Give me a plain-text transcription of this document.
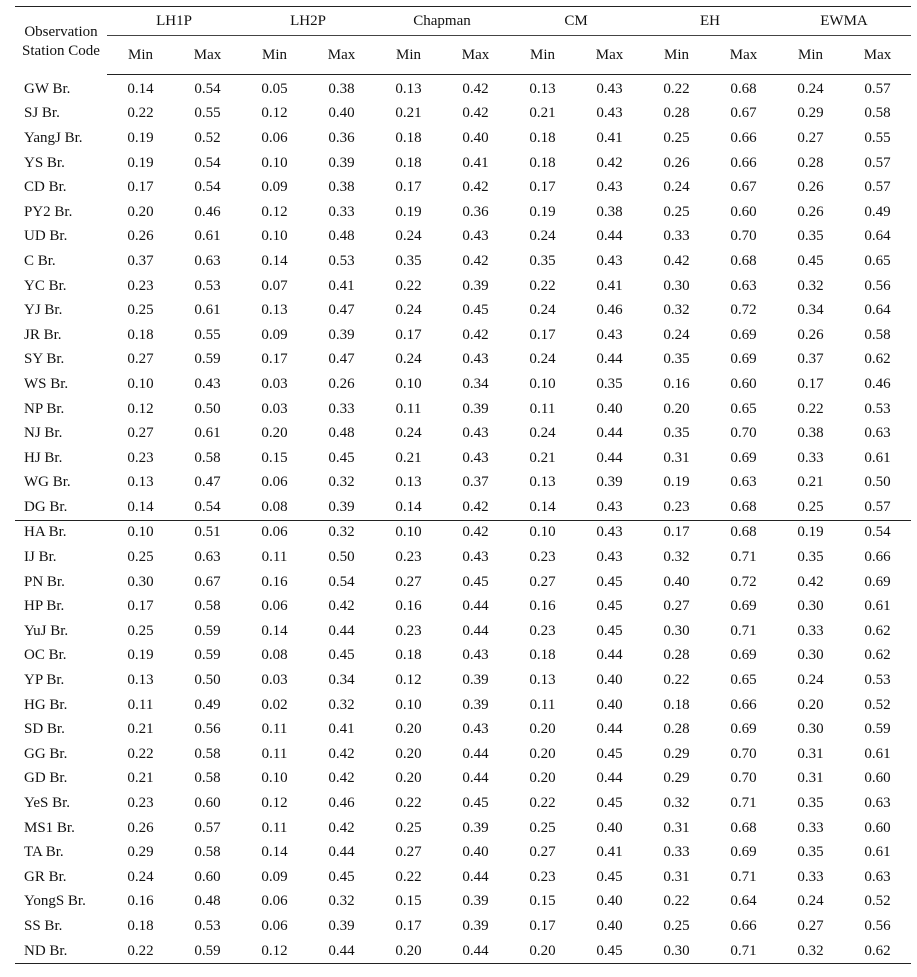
Observation Station Code	LH1P		LH2P		Chapman		CM		EH		EWMA	
	Min	Max	Min	Max	Min	Max	Min	Max	Min	Max	Min	Max
GW Br.	0.14	0.54	0.05	0.38	0.13	0.42	0.13	0.43	0.22	0.68	0.24	0.57
SJ Br.	0.22	0.55	0.12	0.40	0.21	0.42	0.21	0.43	0.28	0.67	0.29	0.58
YangJ Br.	0.19	0.52	0.06	0.36	0.18	0.40	0.18	0.41	0.25	0.66	0.27	0.55
YS Br.	0.19	0.54	0.10	0.39	0.18	0.41	0.18	0.42	0.26	0.66	0.28	0.57
CD Br.	0.17	0.54	0.09	0.38	0.17	0.42	0.17	0.43	0.24	0.67	0.26	0.57
PY2 Br.	0.20	0.46	0.12	0.33	0.19	0.36	0.19	0.38	0.25	0.60	0.26	0.49
UD Br.	0.26	0.61	0.10	0.48	0.24	0.43	0.24	0.44	0.33	0.70	0.35	0.64
C Br.	0.37	0.63	0.14	0.53	0.35	0.42	0.35	0.43	0.42	0.68	0.45	0.65
YC Br.	0.23	0.53	0.07	0.41	0.22	0.39	0.22	0.41	0.30	0.63	0.32	0.56
YJ Br.	0.25	0.61	0.13	0.47	0.24	0.45	0.24	0.46	0.32	0.72	0.34	0.64
JR Br.	0.18	0.55	0.09	0.39	0.17	0.42	0.17	0.43	0.24	0.69	0.26	0.58
SY Br.	0.27	0.59	0.17	0.47	0.24	0.43	0.24	0.44	0.35	0.69	0.37	0.62
WS Br.	0.10	0.43	0.03	0.26	0.10	0.34	0.10	0.35	0.16	0.60	0.17	0.46
NP Br.	0.12	0.50	0.03	0.33	0.11	0.39	0.11	0.40	0.20	0.65	0.22	0.53
NJ Br.	0.27	0.61	0.20	0.48	0.24	0.43	0.24	0.44	0.35	0.70	0.38	0.63
HJ Br.	0.23	0.58	0.15	0.45	0.21	0.43	0.21	0.44	0.31	0.69	0.33	0.61
WG Br.	0.13	0.47	0.06	0.32	0.13	0.37	0.13	0.39	0.19	0.63	0.21	0.50
DG Br.	0.14	0.54	0.08	0.39	0.14	0.42	0.14	0.43	0.23	0.68	0.25	0.57
HA Br.	0.10	0.51	0.06	0.32	0.10	0.42	0.10	0.43	0.17	0.68	0.19	0.54
IJ Br.	0.25	0.63	0.11	0.50	0.23	0.43	0.23	0.43	0.32	0.71	0.35	0.66
PN Br.	0.30	0.67	0.16	0.54	0.27	0.45	0.27	0.45	0.40	0.72	0.42	0.69
HP Br.	0.17	0.58	0.06	0.42	0.16	0.44	0.16	0.45	0.27	0.69	0.30	0.61
YuJ Br.	0.25	0.59	0.14	0.44	0.23	0.44	0.23	0.45	0.30	0.71	0.33	0.62
OC Br.	0.19	0.59	0.08	0.45	0.18	0.43	0.18	0.44	0.28	0.69	0.30	0.62
YP Br.	0.13	0.50	0.03	0.34	0.12	0.39	0.13	0.40	0.22	0.65	0.24	0.53
HG Br.	0.11	0.49	0.02	0.32	0.10	0.39	0.11	0.40	0.18	0.66	0.20	0.52
SD Br.	0.21	0.56	0.11	0.41	0.20	0.43	0.20	0.44	0.28	0.69	0.30	0.59
GG Br.	0.22	0.58	0.11	0.42	0.20	0.44	0.20	0.45	0.29	0.70	0.31	0.61
GD Br.	0.21	0.58	0.10	0.42	0.20	0.44	0.20	0.44	0.29	0.70	0.31	0.60
YeS Br.	0.23	0.60	0.12	0.46	0.22	0.45	0.22	0.45	0.32	0.71	0.35	0.63
MS1 Br.	0.26	0.57	0.11	0.42	0.25	0.39	0.25	0.40	0.31	0.68	0.33	0.60
TA Br.	0.29	0.58	0.14	0.44	0.27	0.40	0.27	0.41	0.33	0.69	0.35	0.61
GR Br.	0.24	0.60	0.09	0.45	0.22	0.44	0.23	0.45	0.31	0.71	0.33	0.63
YongS Br.	0.16	0.48	0.06	0.32	0.15	0.39	0.15	0.40	0.22	0.64	0.24	0.52
SS Br.	0.18	0.53	0.06	0.39	0.17	0.39	0.17	0.40	0.25	0.66	0.27	0.56
ND Br.	0.22	0.59	0.12	0.44	0.20	0.44	0.20	0.45	0.30	0.71	0.32	0.62
